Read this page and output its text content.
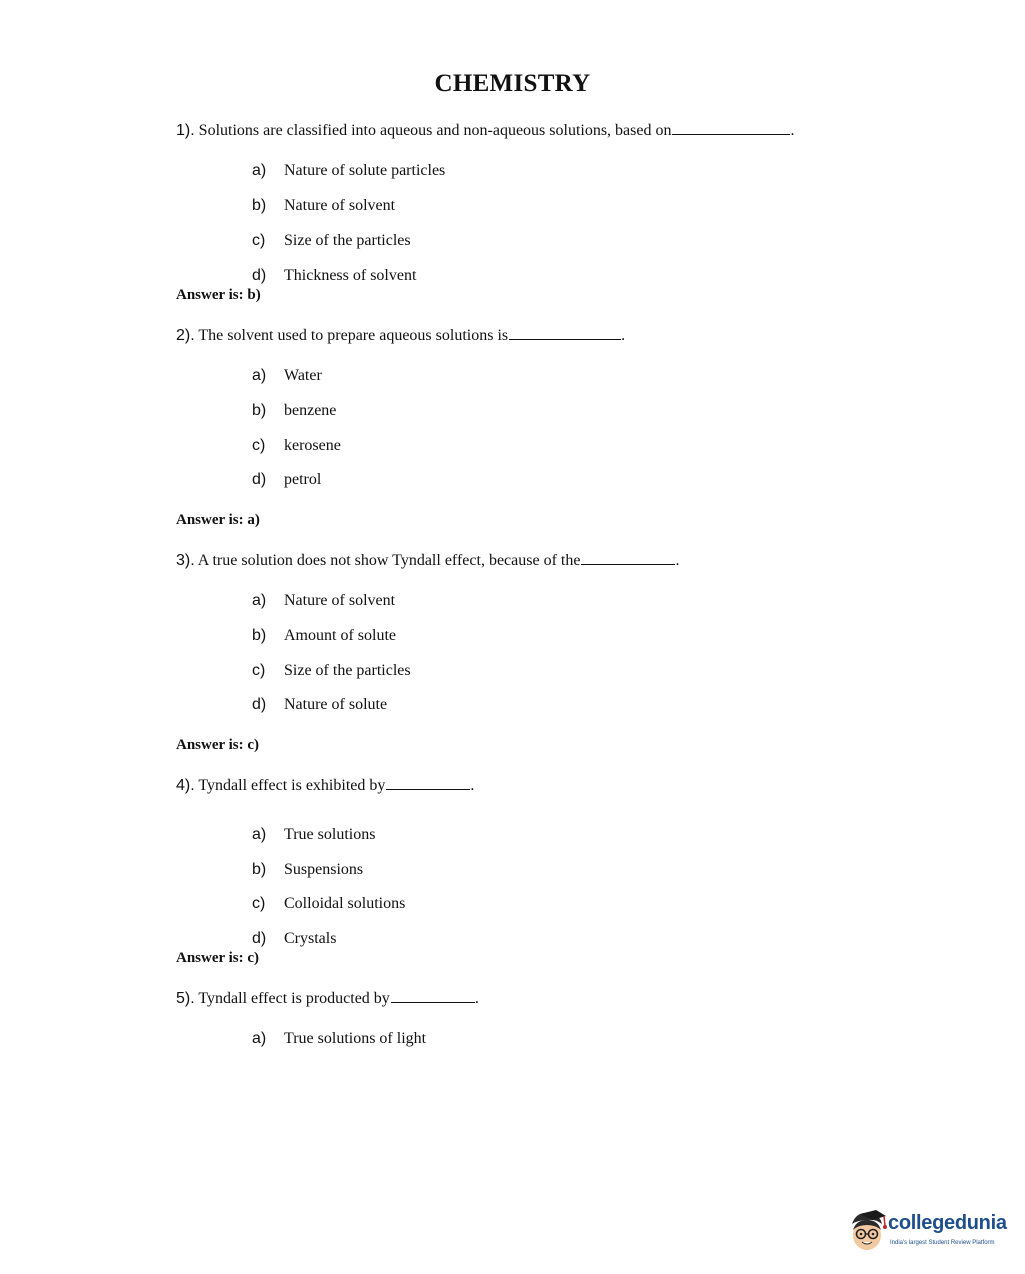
CHEMISTRY
1). Solutions are classified into aqueous and non-aqueous solutions, based on	.
a) Nature of solute particles
b) Nature of solvent
c) Size of the particles
d) Thickness of solvent
Answer is: b)
2). The solvent used to prepare aqueous solutions is	.
a) Water
b) benzene
c) kerosene
d) petrol
Answer is: a)
3). A true solution does not show Tyndall effect, because of the	.
a) Nature of solvent
b) Amount of solute
c) Size of the particles
d) Nature of solute
Answer is: c)
4). Tyndall effect is exhibited by	.
a) True solutions
b) Suspensions
c) Colloidal solutions
d) Crystals
Answer is: c)
5). Tyndall effect is producted by	.
a) True solutions of light
collegedunia
India's largest Student Review Platform
